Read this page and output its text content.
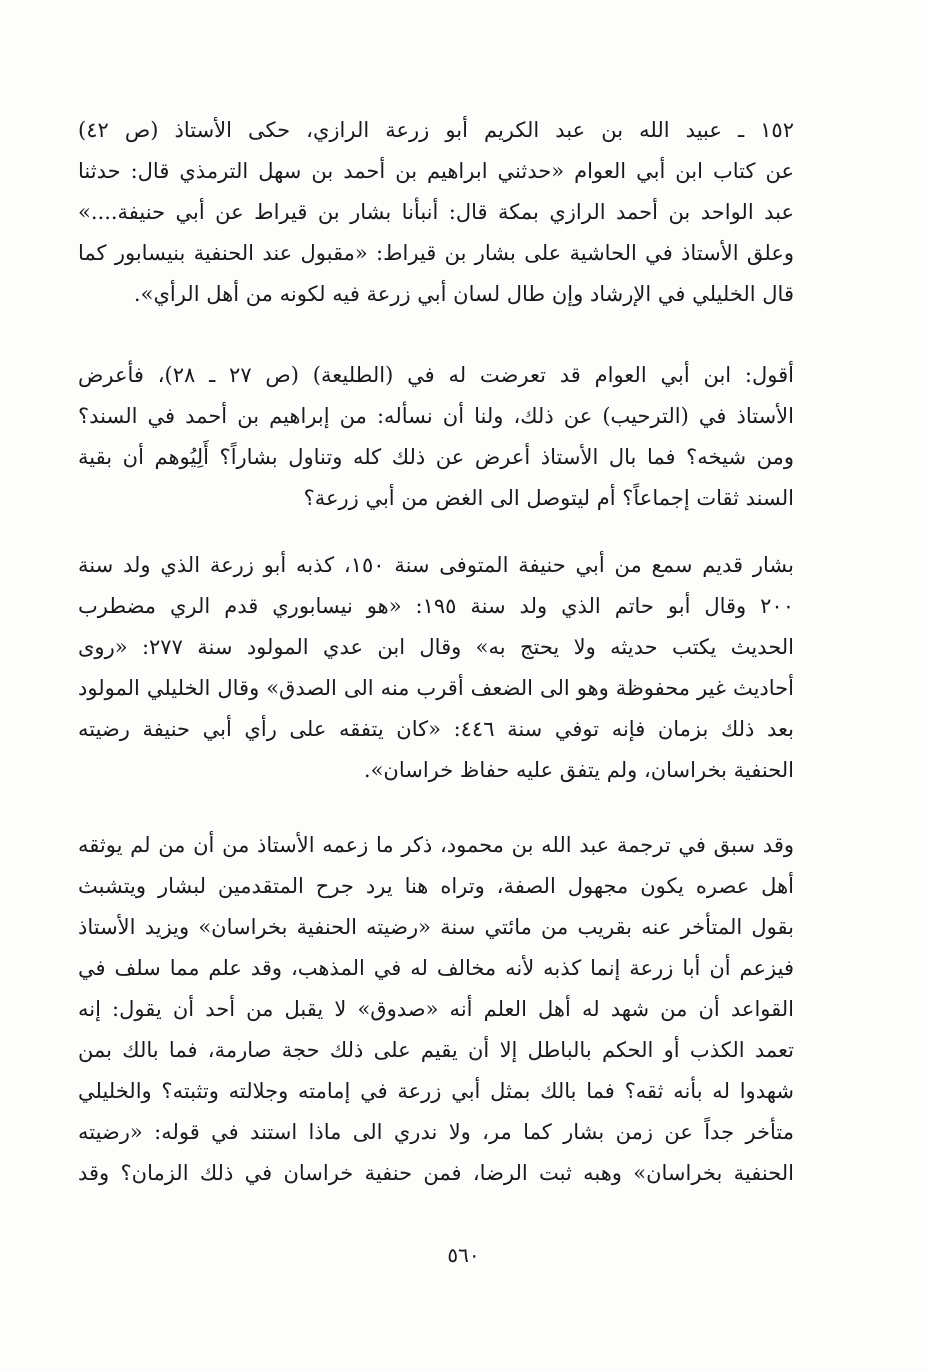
١٥٢ ـ عبيد الله بن عبد الكريم أبو زرعة الرازي، حكى الأستاذ (ص ٤٢)
عن كتاب ابن أبي العوام «حدثني ابراهيم بن أحمد بن سهل الترمذي قال: حدثنا
عبد الواحد بن أحمد الرازي بمكة قال: أنبأنا بشار بن قيراط عن أبي حنيفة....»
وعلق الأستاذ في الحاشية على بشار بن قيراط: «مقبول عند الحنفية بنيسابور كما
قال الخليلي في الإرشاد وإن طال لسان أبي زرعة فيه لكونه من أهل الرأي».
أقول: ابن أبي العوام قد تعرضت له في (الطليعة) (ص ٢٧ ـ ٢٨)، فأعرض
الأستاذ في (الترحيب) عن ذلك، ولنا أن نسأله: من إبراهيم بن أحمد في السند؟
ومن شيخه؟ فما بال الأستاذ أعرض عن ذلك كله وتناول بشاراً؟ أَلِيُوهم أن بقية
السند ثقات إجماعاً؟ أم ليتوصل الى الغض من أبي زرعة؟
بشار قديم سمع من أبي حنيفة المتوفى سنة ١٥٠، كذبه أبو زرعة الذي ولد سنة
٢٠٠ وقال أبو حاتم الذي ولد سنة ١٩٥: «هو نيسابوري قدم الري مضطرب
الحديث يكتب حديثه ولا يحتج به» وقال ابن عدي المولود سنة ٢٧٧: «روى
أحاديث غير محفوظة وهو الى الضعف أقرب منه الى الصدق» وقال الخليلي المولود
بعد ذلك بزمان فإنه توفي سنة ٤٤٦: «كان يتفقه على رأي أبي حنيفة رضيته
الحنفية بخراسان، ولم يتفق عليه حفاظ خراسان».
وقد سبق في ترجمة عبد الله بن محمود، ذكر ما زعمه الأستاذ من أن من لم يوثقه
أهل عصره يكون مجهول الصفة، وتراه هنا يرد جرح المتقدمين لبشار ويتشبث
بقول المتأخر عنه بقريب من مائتي سنة «رضيته الحنفية بخراسان» ويزيد الأستاذ
فيزعم أن أبا زرعة إنما كذبه لأنه مخالف له في المذهب، وقد علم مما سلف في
القواعد أن من شهد له أهل العلم أنه «صدوق» لا يقبل من أحد أن يقول: إنه
تعمد الكذب أو الحكم بالباطل إلا أن يقيم على ذلك حجة صارمة، فما بالك بمن
شهدوا له بأنه ثقه؟ فما بالك بمثل أبي زرعة في إمامته وجلالته وتثبته؟ والخليلي
متأخر جداً عن زمن بشار كما مر، ولا ندري الى ماذا استند في قوله: «رضيته
الحنفية بخراسان» وهبه ثبت الرضا، فمن حنفية خراسان في ذلك الزمان؟ وقد
٥٦٠
